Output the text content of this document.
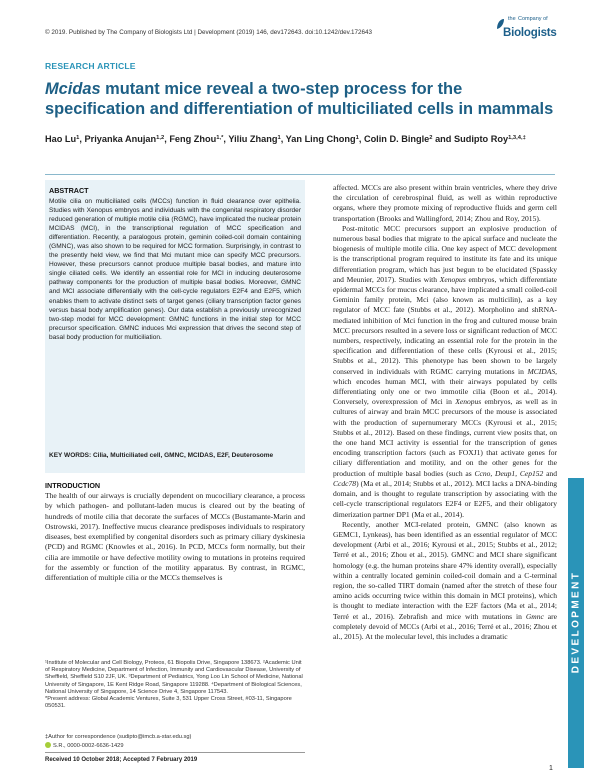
© 2019. Published by The Company of Biologists Ltd | Development (2019) 146, dev172643. doi:10.1242/dev.172643
the Company of
Biologists
RESEARCH ARTICLE
Mcidas mutant mice reveal a two-step process for the specification and differentiation of multiciliated cells in mammals
Hao Lu$^1$, Priyanka Anujan$^{1,2}$, Feng Zhou$^{1,*}$, Yiliu Zhang$^1$, Yan Ling Chong$^1$, Colin D. Bingle$^2$ and Sudipto Roy$^{1,3,4,\ddagger}$
ABSTRACT
Motile cilia on multiciliated cells (MCCs) function in fluid clearance over epithelia. Studies with Xenopus embryos and individuals with the congenital respiratory disorder reduced generation of multiple motile cilia (RGMC), have implicated the nuclear protein MCIDAS (MCI), in the transcriptional regulation of MCC specification and differentiation. Recently, a paralogous protein, geminin coiled-coil domain containing (GMNC), was also shown to be required for MCC formation. Surprisingly, in contrast to the presently held view, we find that Mci mutant mice can specify MCC precursors. However, these precursors cannot produce multiple basal bodies, and mature into single ciliated cells. We identify an essential role for MCI in inducing deuterosome pathway components for the production of multiple basal bodies. Moreover, GMNC and MCI associate differentially with the cell-cycle regulators E2F4 and E2F5, which enables them to activate distinct sets of target genes (ciliary transcription factor genes versus basal body amplification genes). Our data establish a previously unrecognized two-step model for MCC development: GMNC functions in the initial step for MCC precursor specification. GMNC induces Mci expression that drives the second step of basal body production for multiciliation.
KEY WORDS: Cilia, Multiciliated cell, GMNC, MCIDAS, E2F, Deuterosome
INTRODUCTION
The health of our airways is crucially dependent on mucociliary clearance, a process by which pathogen- and pollutant-laden mucus is cleared out by the beating of hundreds of motile cilia that decorate the surfaces of MCCs (Bustamante-Marin and Ostrowski, 2017). Ineffective mucus clearance predisposes individuals to respiratory diseases, best exemplified by congenital disorders such as primary ciliary dyskinesia (PCD) and RGMC (Knowles et al., 2016). In PCD, MCCs form normally, but their cilia are immotile or have defective motility owing to mutations in proteins required for the assembly or function of the motility apparatus. By contrast, in RGMC, differentiation of multiple cilia or the MCCs themselves is
¹Institute of Molecular and Cell Biology, Proteos, 61 Biopolis Drive, Singapore 138673. ²Academic Unit of Respiratory Medicine, Department of Infection, Immunity and Cardiovascular Disease, University of Sheffield, Sheffield S10 2JF, UK. ³Department of Pediatrics, Yong Loo Lin School of Medicine, National University of Singapore, 1E Kent Ridge Road, Singapore 119288. ⁴Department of Biological Sciences, National University of Singapore, 14 Science Drive 4, Singapore 117543.
*Present address: Global Academic Ventures, Suite 3, 531 Upper Cross Street, #03-11, Singapore 050531.
‡Author for correspondence (sudipto@imcb.a-star.edu.sg)
S.R., 0000-0002-6636-1429
Received 10 October 2018; Accepted 7 February 2019

affected. MCCs are also present within brain ventricles, where they drive the circulation of cerebrospinal fluid, as well as within reproductive organs, where they promote mixing of reproductive fluids and germ cell transportation (Brooks and Wallingford, 2014; Zhou and Roy, 2015).

Post-mitotic MCC precursors support an explosive production of numerous basal bodies that migrate to the apical surface and nucleate the biogenesis of multiple motile cilia. One key aspect of MCC development is the transcriptional program required to institute its fate and its unique differentiation program, which has just begun to be elucidated (Spassky and Meunier, 2017). Studies with Xenopus embryos, which differentiate epidermal MCCs for mucus clearance, have implicated a small coiled-coil Geminin family protein, Mci (also known as multicilin), as a key regulator of MCC fate (Stubbs et al., 2012). Morpholino and shRNA-mediated inhibition of Mci function in the frog and cultured mouse brain MCC precursors resulted in a severe loss or significant reduction of MCC numbers, respectively, indicating an essential role for the protein in the specification and differentiation of these cells (Kyrousi et al., 2015; Stubbs et al., 2012). This phenotype has been shown to be largely conserved in individuals with RGMC carrying mutations in MCIDAS, which encodes human MCI, with their airways populated by cells differentiating only one or two immotile cilia (Boon et al., 2014). Conversely, overexpression of Mci in Xenopus embryos, as well as in cultures of airway and brain MCC precursors of the mouse is associated with the production of supernumerary MCCs (Kyrousi et al., 2015; Stubbs et al., 2012). Based on these findings, current view posits that, on the one hand MCI activity is essential for the transcription of genes encoding transcription factors (such as FOXJ1) that activate genes for ciliary differentiation and motility, and on the other genes for the production of multiple basal bodies (such as Ccno, Deup1, Cep152 and Ccdc78) (Ma et al., 2014; Stubbs et al., 2012). MCI lacks a DNA-binding domain, and is thought to regulate transcription by associating with the cell-cycle transcriptional regulators E2F4 or E2F5, and their obligatory dimerization partner DP1 (Ma et al., 2014).

Recently, another MCI-related protein, GMNC (also known as GEMC1, Lynkeas), has been identified as an essential regulator of MCC development (Arbi et al., 2016; Kyrousi et al., 2015; Stubbs et al., 2012; Terré et al., 2016; Zhou et al., 2015). GMNC and MCI share significant homology (e.g. the human proteins share 47% identity overall), especially within a centrally located geminin coiled-coil domain and a C-terminal region, the so-called TIRT domain (named after the stretch of these four amino acids occurring twice within this domain in MCI proteins), which is thought to mediate interaction with the E2F factors (Ma et al., 2014; Terré et al., 2016). Zebrafish and mice with mutations in Gmnc are completely devoid of MCCs (Arbi et al., 2016; Terré et al., 2016; Zhou et al., 2015). At the molecular level, this includes a dramatic	DEVELOPMENT
1
